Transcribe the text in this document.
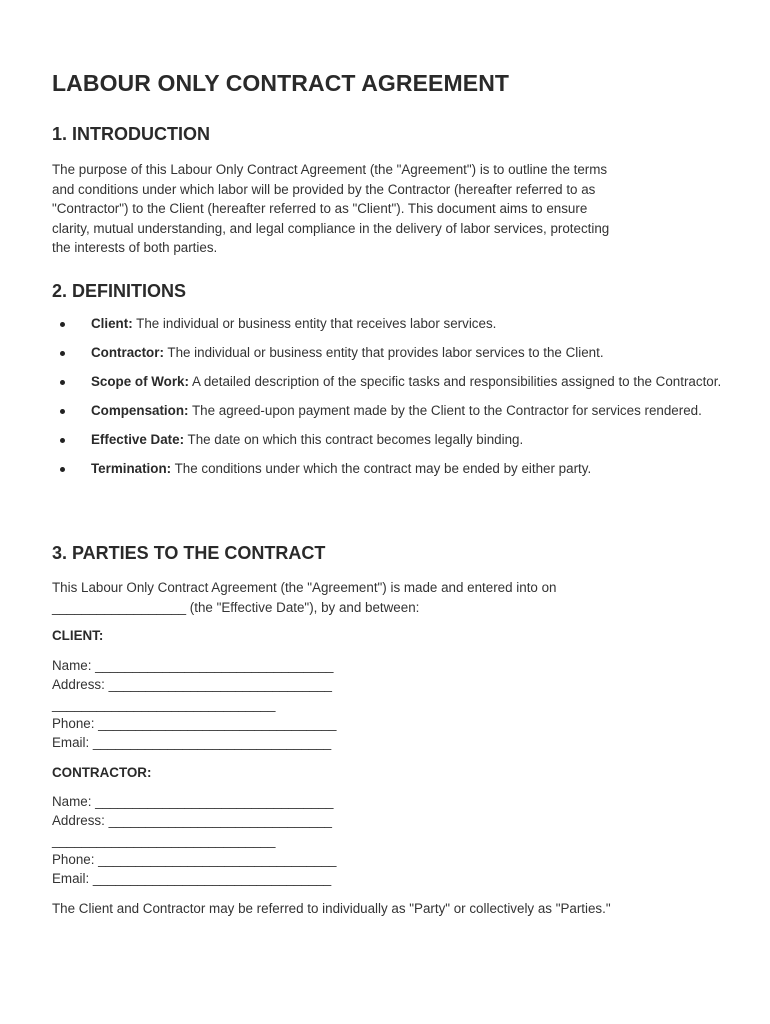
LABOUR ONLY CONTRACT AGREEMENT
1. INTRODUCTION

The purpose of this Labour Only Contract Agreement (the "Agreement") is to outline the terms
and conditions under which labor will be provided by the Contractor (hereafter referred to as
"Contractor") to the Client (hereafter referred to as "Client"). This document aims to ensure
clarity, mutual understanding, and legal compliance in the delivery of labor services, protecting
the interests of both parties.

2. DEFINITIONS
Client: The individual or business entity that receives labor services.
Contractor: The individual or business entity that provides labor services to the Client.
Scope of Work: A detailed description of the specific tasks and responsibilities assigned to the Contractor.
Compensation: The agreed-upon payment made by the Client to the Contractor for services rendered.
Effective Date: The date on which this contract becomes legally binding.
Termination: The conditions under which the contract may be ended by either party.
3. PARTIES TO THE CONTRACT

This Labour Only Contract Agreement (the "Agreement") is made and entered into on
__________________ (the "Effective Date"), by and between:

CLIENT:
Name: ________________________________
Address: ______________________________
______________________________
Phone: ________________________________
Email: ________________________________
CONTRACTOR:
Name: ________________________________
Address: ______________________________
______________________________
Phone: ________________________________
Email: ________________________________

The Client and Contractor may be referred to individually as "Party" or collectively as "Parties."
